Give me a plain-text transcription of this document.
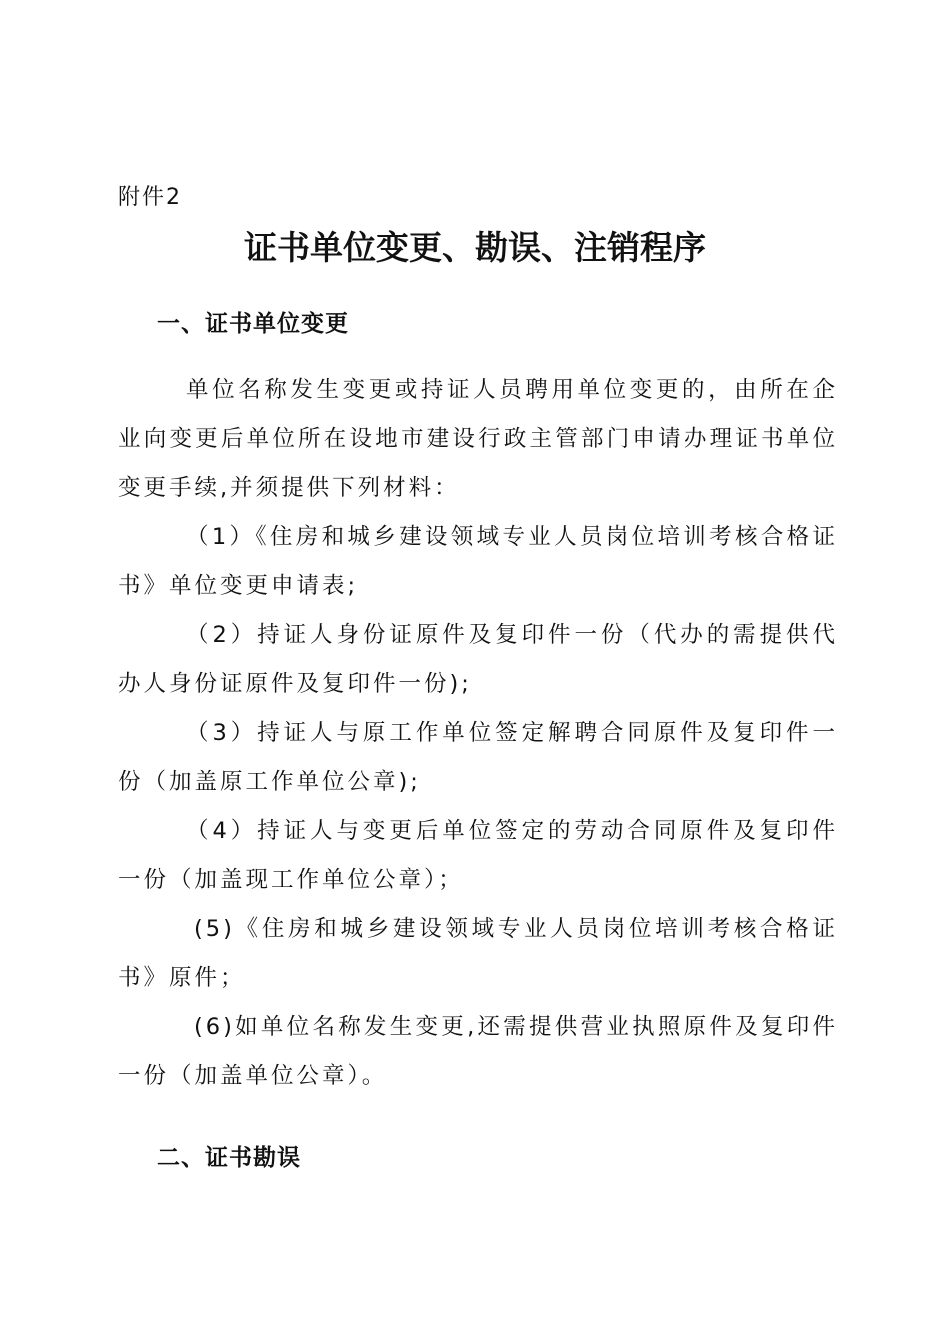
附件2
证书单位变更、勘误、注销程序
一、证书单位变更
单位名称发生变更或持证人员聘用单位变更的，由所在企业向变更后单位所在设地市建设行政主管部门申请办理证书单位变更手续,并须提供下列材料：
（1）《住房和城乡建设领域专业人员岗位培训考核合格证书》单位变更申请表;
（2）持证人身份证原件及复印件一份（代办的需提供代办人身份证原件及复印件一份);
（3）持证人与原工作单位签定解聘合同原件及复印件一份（加盖原工作单位公章);
（4）持证人与变更后单位签定的劳动合同原件及复印件一份（加盖现工作单位公章）；
(5)《住房和城乡建设领域专业人员岗位培训考核合格证书》原件；
(6)如单位名称发生变更,还需提供营业执照原件及复印件一份（加盖单位公章）。
二、证书勘误
